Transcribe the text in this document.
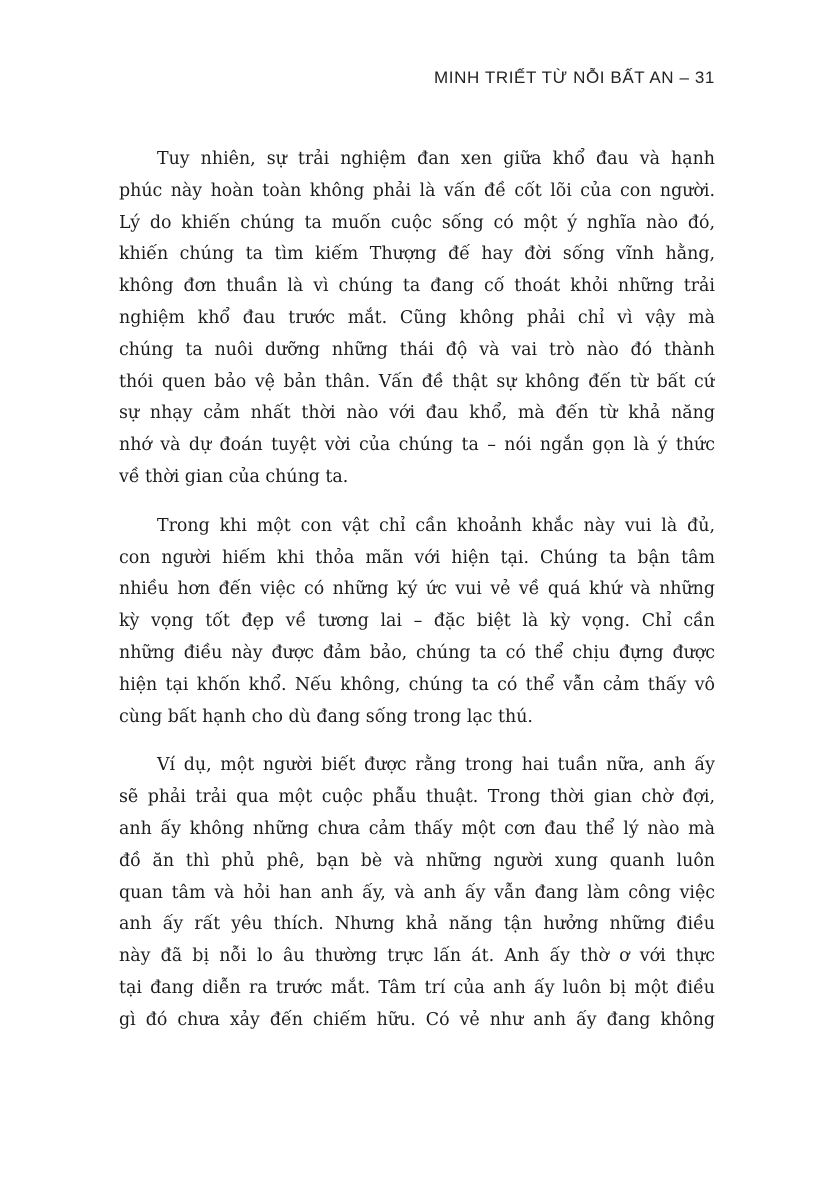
MINH TRIẾT TỪ NỖI BẤT AN – 31
Tuy nhiên, sự trải nghiệm đan xen giữa khổ đau và hạnh
phúc này hoàn toàn không phải là vấn đề cốt lõi của con người.
Lý do khiến chúng ta muốn cuộc sống có một ý nghĩa nào đó,
khiến chúng ta tìm kiếm Thượng đế hay đời sống vĩnh hằng,
không đơn thuần là vì chúng ta đang cố thoát khỏi những trải
nghiệm khổ đau trước mắt. Cũng không phải chỉ vì vậy mà
chúng ta nuôi dưỡng những thái độ và vai trò nào đó thành
thói quen bảo vệ bản thân. Vấn đề thật sự không đến từ bất cứ
sự nhạy cảm nhất thời nào với đau khổ, mà đến từ khả năng
nhớ và dự đoán tuyệt vời của chúng ta – nói ngắn gọn là ý thức
về thời gian của chúng ta.
Trong khi một con vật chỉ cần khoảnh khắc này vui là đủ,
con người hiếm khi thỏa mãn với hiện tại. Chúng ta bận tâm
nhiều hơn đến việc có những ký ức vui vẻ về quá khứ và những
kỳ vọng tốt đẹp về tương lai – đặc biệt là kỳ vọng. Chỉ cần
những điều này được đảm bảo, chúng ta có thể chịu đựng được
hiện tại khốn khổ. Nếu không, chúng ta có thể vẫn cảm thấy vô
cùng bất hạnh cho dù đang sống trong lạc thú.
Ví dụ, một người biết được rằng trong hai tuần nữa, anh ấy
sẽ phải trải qua một cuộc phẫu thuật. Trong thời gian chờ đợi,
anh ấy không những chưa cảm thấy một cơn đau thể lý nào mà
đồ ăn thì phủ phê, bạn bè và những người xung quanh luôn
quan tâm và hỏi han anh ấy, và anh ấy vẫn đang làm công việc
anh ấy rất yêu thích. Nhưng khả năng tận hưởng những điều
này đã bị nỗi lo âu thường trực lấn át. Anh ấy thờ ơ với thực
tại đang diễn ra trước mắt. Tâm trí của anh ấy luôn bị một điều
gì đó chưa xảy đến chiếm hữu. Có vẻ như anh ấy đang không
